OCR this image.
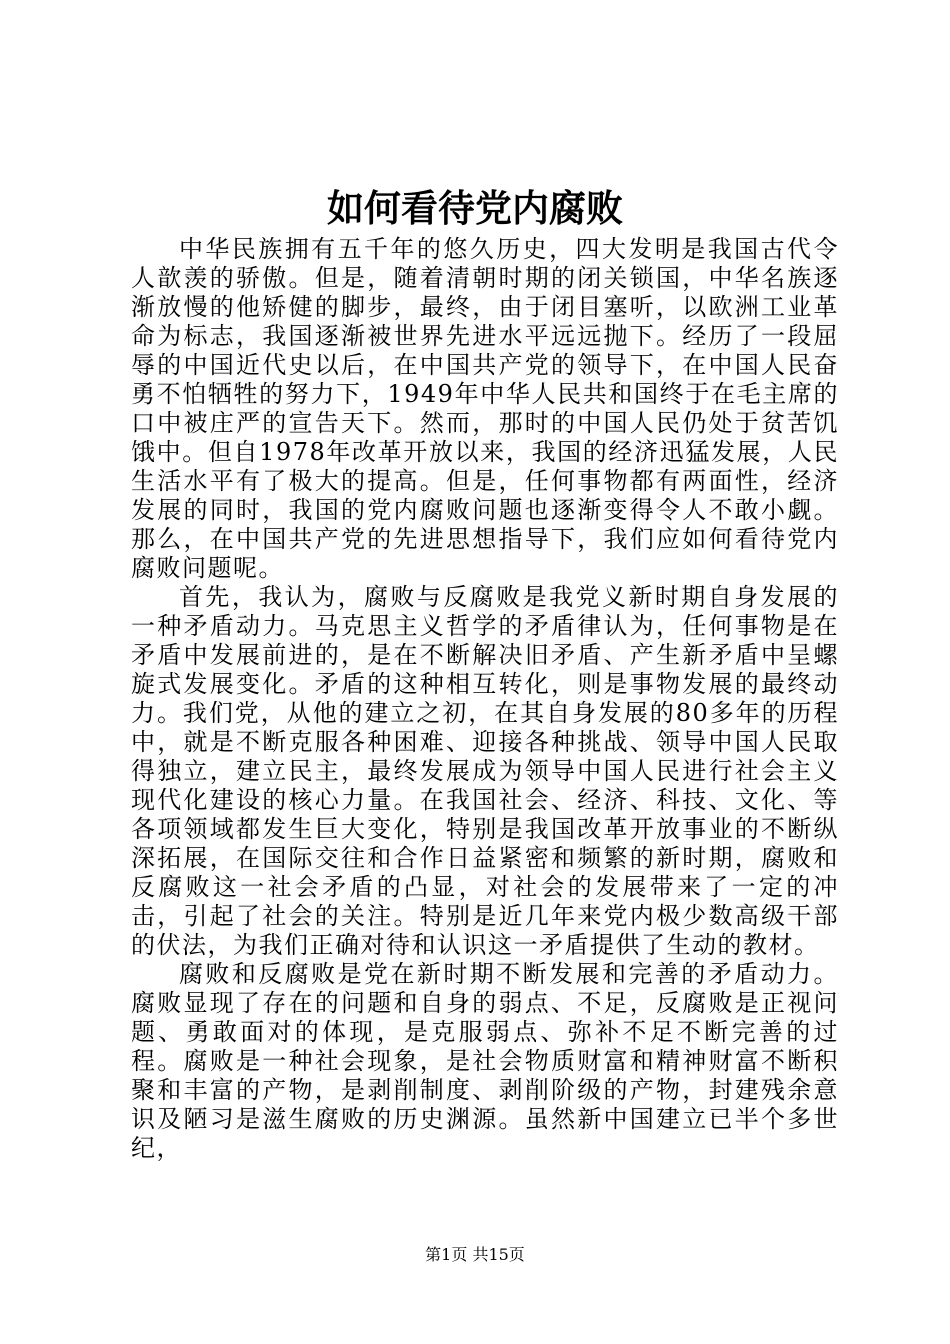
如何看待党内腐败

中华民族拥有五千年的悠久历史，四大发明是我国古代令人歆羡的骄傲。但是，随着清朝时期的闭关锁国，中华名族逐渐放慢的他矫健的脚步，最终，由于闭目塞听，以欧洲工业革命为标志，我国逐渐被世界先进水平远远抛下。经历了一段屈辱的中国近代史以后，在中国共产党的领导下，在中国人民奋勇不怕牺牲的努力下，1949年中华人民共和国终于在毛主席的口中被庄严的宣告天下。然而，那时的中国人民仍处于贫苦饥饿中。但自1978年改革开放以来，我国的经济迅猛发展，人民生活水平有了极大的提高。但是，任何事物都有两面性，经济发展的同时，我国的党内腐败问题也逐渐变得令人不敢小觑。那么，在中国共产党的先进思想指导下，我们应如何看待党内腐败问题呢。

首先，我认为，腐败与反腐败是我党义新时期自身发展的一种矛盾动力。马克思主义哲学的矛盾律认为，任何事物是在矛盾中发展前进的，是在不断解决旧矛盾、产生新矛盾中呈螺旋式发展变化。矛盾的这种相互转化，则是事物发展的最终动力。我们党，从他的建立之初，在其自身发展的80多年的历程中，就是不断克服各种困难、迎接各种挑战、领导中国人民取得独立，建立民主，最终发展成为领导中国人民进行社会主义现代化建设的核心力量。在我国社会、经济、科技、文化、等各项领域都发生巨大变化，特别是我国改革开放事业的不断纵深拓展，在国际交往和合作日益紧密和频繁的新时期，腐败和反腐败这一社会矛盾的凸显，对社会的发展带来了一定的冲击，引起了社会的关注。特别是近几年来党内极少数高级干部的伏法，为我们正确对待和认识这一矛盾提供了生动的教材。

腐败和反腐败是党在新时期不断发展和完善的矛盾动力。腐败显现了存在的问题和自身的弱点、不足，反腐败是正视问题、勇敢面对的体现，是克服弱点、弥补不足不断完善的过程。腐败是一种社会现象，是社会物质财富和精神财富不断积聚和丰富的产物，是剥削制度、剥削阶级的产物，封建残余意识及陋习是滋生腐败的历史渊源。虽然新中国建立已半个多世纪，

第1页 共15页
